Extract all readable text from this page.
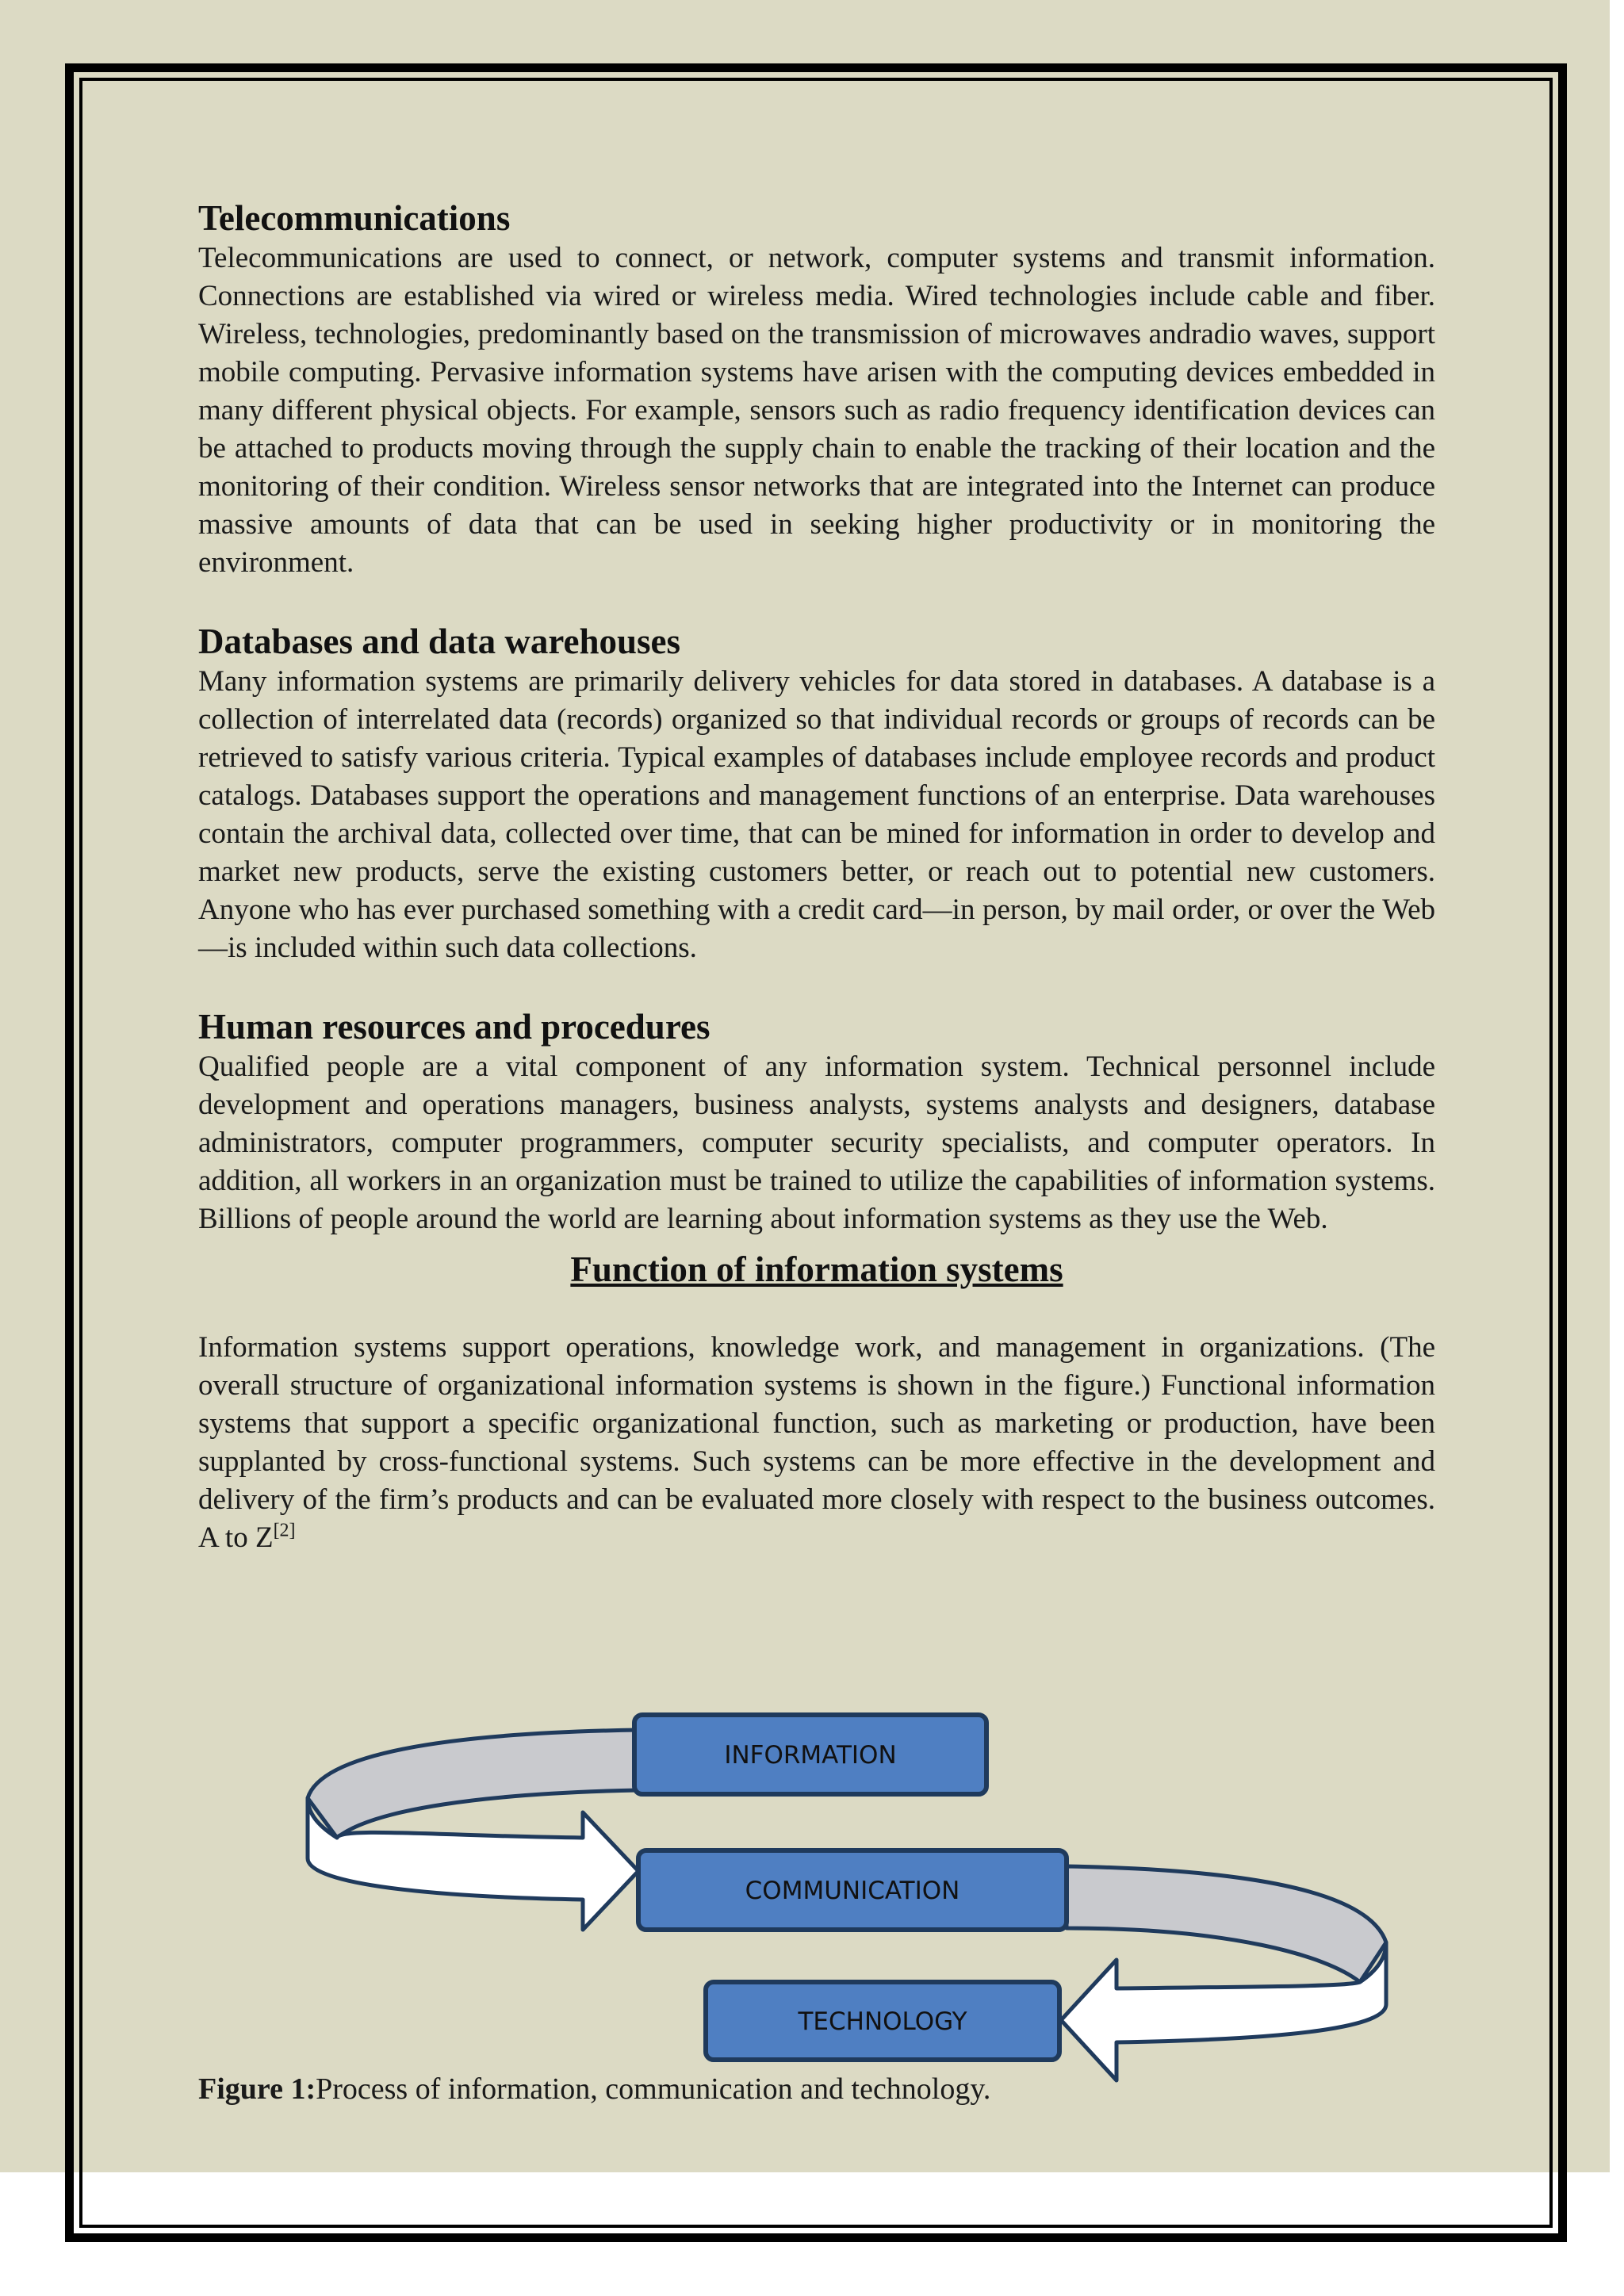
Telecommunications

Telecommunications are used to connect, or network, computer systems and transmit information. Connections are established via wired or wireless media. Wired technologies include cable and fiber. Wireless, technologies, predominantly based on the transmission of microwaves andradio waves, support mobile computing. Pervasive information systems have arisen with the computing devices embedded in many different physical objects. For example, sensors such as radio frequency identification devices can be attached to products moving through the supply chain to enable the tracking of their location and the monitoring of their condition. Wireless sensor networks that are integrated into the Internet can produce massive amounts of data that can be used in seeking higher productivity or in monitoring the environment.

Databases and data warehouses

Many information systems are primarily delivery vehicles for data stored in databases. A database is a collection of interrelated data (records) organized so that individual records or groups of records can be retrieved to satisfy various criteria. Typical examples of databases include employee records and product catalogs. Databases support the operations and management functions of an enterprise. Data warehouses contain the archival data, collected over time, that can be mined for information in order to develop and market new products, serve the existing customers better, or reach out to potential new customers. Anyone who has ever purchased something with a credit card—in person, by mail order, or over the Web—is included within such data collections.

Human resources and procedures

Qualified people are a vital component of any information system. Technical personnel include development and operations managers, business analysts, systems analysts and designers, database administrators, computer programmers, computer security specialists, and computer operators. In addition, all workers in an organization must be trained to utilize the capabilities of information systems. Billions of people around the world are learning about information systems as they use the Web.

Function of information systems

Information systems support operations, knowledge work, and management in organizations. (The overall structure of organizational information systems is shown in the figure.) Functional information systems that support a specific organizational function, such as marketing or production, have been supplanted by cross-functional systems. Such systems can be more effective in the development and delivery of the firm’s products and can be evaluated more closely with respect to the business outcomes. A to Z[2]

INFORMATION
COMMUNICATION
TECHNOLOGY
Figure 1:Process of information, communication and technology.
